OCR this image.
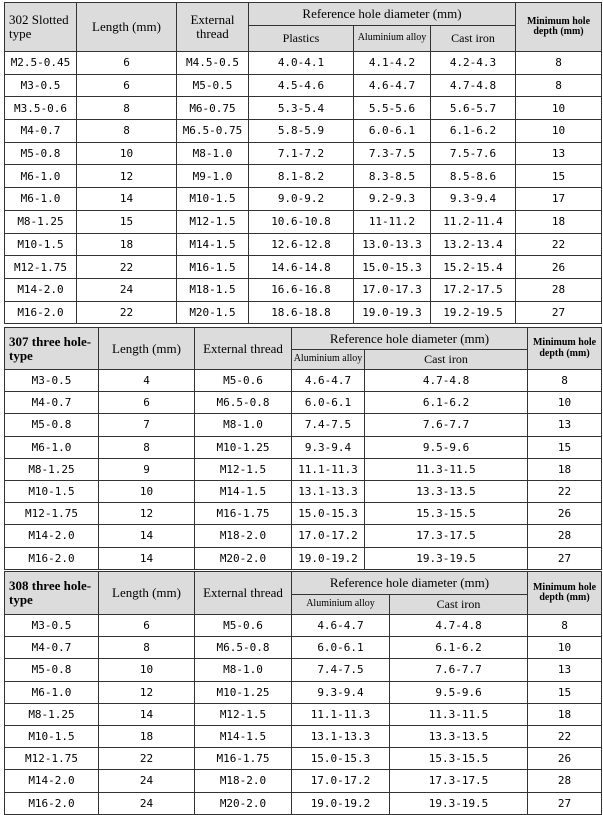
302 Slotted type	Length (mm)	External thread	Reference hole diameter (mm)			Minimum hole depth (mm)
			Plastics	Aluminium alloy	Cast iron	
M2.5-0.45	6	M4.5-0.5	4.0-4.1	4.1-4.2	4.2-4.3	8
M3-0.5	6	M5-0.5	4.5-4.6	4.6-4.7	4.7-4.8	8
M3.5-0.6	8	M6-0.75	5.3-5.4	5.5-5.6	5.6-5.7	10
M4-0.7	8	M6.5-0.75	5.8-5.9	6.0-6.1	6.1-6.2	10
M5-0.8	10	M8-1.0	7.1-7.2	7.3-7.5	7.5-7.6	13
M6-1.0	12	M9-1.0	8.1-8.2	8.3-8.5	8.5-8.6	15
M6-1.0	14	M10-1.5	9.0-9.2	9.2-9.3	9.3-9.4	17
M8-1.25	15	M12-1.5	10.6-10.8	11-11.2	11.2-11.4	18
M10-1.5	18	M14-1.5	12.6-12.8	13.0-13.3	13.2-13.4	22
M12-1.75	22	M16-1.5	14.6-14.8	15.0-15.3	15.2-15.4	26
M14-2.0	24	M18-1.5	16.6-16.8	17.0-17.3	17.2-17.5	28
M16-2.0	22	M20-1.5	18.6-18.8	19.0-19.3	19.2-19.5	27
307 three hole-type	Length (mm)	External thread	Reference hole diameter (mm)		Minimum hole depth (mm)
			Aluminium alloy	Cast iron	
M3-0.5	4	M5-0.6	4.6-4.7	4.7-4.8	8
M4-0.7	6	M6.5-0.8	6.0-6.1	6.1-6.2	10
M5-0.8	7	M8-1.0	7.4-7.5	7.6-7.7	13
M6-1.0	8	M10-1.25	9.3-9.4	9.5-9.6	15
M8-1.25	9	M12-1.5	11.1-11.3	11.3-11.5	18
M10-1.5	10	M14-1.5	13.1-13.3	13.3-13.5	22
M12-1.75	12	M16-1.75	15.0-15.3	15.3-15.5	26
M14-2.0	14	M18-2.0	17.0-17.2	17.3-17.5	28
M16-2.0	14	M20-2.0	19.0-19.2	19.3-19.5	27
308 three hole-type	Length (mm)	External thread	Reference hole diameter (mm)		Minimum hole depth (mm)
			Aluminium alloy	Cast iron	
M3-0.5	6	M5-0.6	4.6-4.7	4.7-4.8	8
M4-0.7	8	M6.5-0.8	6.0-6.1	6.1-6.2	10
M5-0.8	10	M8-1.0	7.4-7.5	7.6-7.7	13
M6-1.0	12	M10-1.25	9.3-9.4	9.5-9.6	15
M8-1.25	14	M12-1.5	11.1-11.3	11.3-11.5	18
M10-1.5	18	M14-1.5	13.1-13.3	13.3-13.5	22
M12-1.75	22	M16-1.75	15.0-15.3	15.3-15.5	26
M14-2.0	24	M18-2.0	17.0-17.2	17.3-17.5	28
M16-2.0	24	M20-2.0	19.0-19.2	19.3-19.5	27
